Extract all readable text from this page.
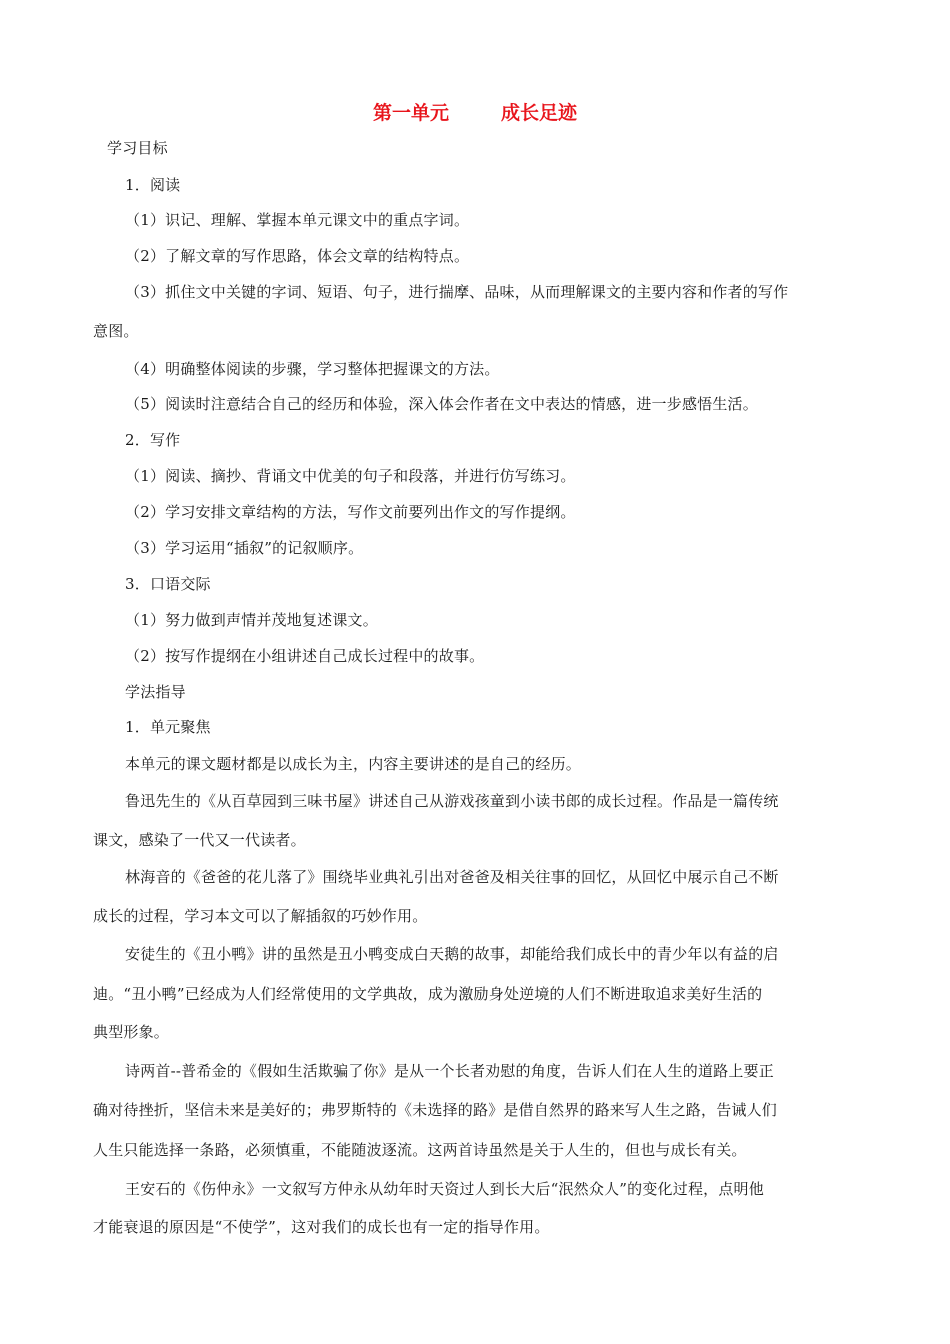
第一单元	成长足迹
学习目标
1．阅读
（1）识记、理解、掌握本单元课文中的重点字词。
（2）了解文章的写作思路，体会文章的结构特点。
（3）抓住文中关键的字词、短语、句子，进行揣摩、品味，从而理解课文的主要内容和作者的写作
意图。
（4）明确整体阅读的步骤，学习整体把握课文的方法。
（5）阅读时注意结合自己的经历和体验，深入体会作者在文中表达的情感，进一步感悟生活。
2．写作
（1）阅读、摘抄、背诵文中优美的句子和段落，并进行仿写练习。
（2）学习安排文章结构的方法，写作文前要列出作文的写作提纲。
（3）学习运用“插叙”的记叙顺序。
3．口语交际
（1）努力做到声情并茂地复述课文。
（2）按写作提纲在小组讲述自己成长过程中的故事。
学法指导
1．单元聚焦
本单元的课文题材都是以成长为主，内容主要讲述的是自己的经历。
鲁迅先生的《从百草园到三味书屋》讲述自己从游戏孩童到小读书郎的成长过程。作品是一篇传统
课文，感染了一代又一代读者。
林海音的《爸爸的花儿落了》围绕毕业典礼引出对爸爸及相关往事的回忆，从回忆中展示自己不断
成长的过程，学习本文可以了解插叙的巧妙作用。
安徒生的《丑小鸭》讲的虽然是丑小鸭变成白天鹅的故事，却能给我们成长中的青少年以有益的启
迪。“丑小鸭”已经成为人们经常使用的文学典故，成为激励身处逆境的人们不断进取追求美好生活的
典型形象。
诗两首--普希金的《假如生活欺骗了你》是从一个长者劝慰的角度，告诉人们在人生的道路上要正
确对待挫折，坚信未来是美好的；弗罗斯特的《未选择的路》是借自然界的路来写人生之路，告诫人们
人生只能选择一条路，必须慎重，不能随波逐流。这两首诗虽然是关于人生的，但也与成长有关。
王安石的《伤仲永》一文叙写方仲永从幼年时天资过人到长大后“泯然众人”的变化过程，点明他
才能衰退的原因是“不使学”，这对我们的成长也有一定的指导作用。
